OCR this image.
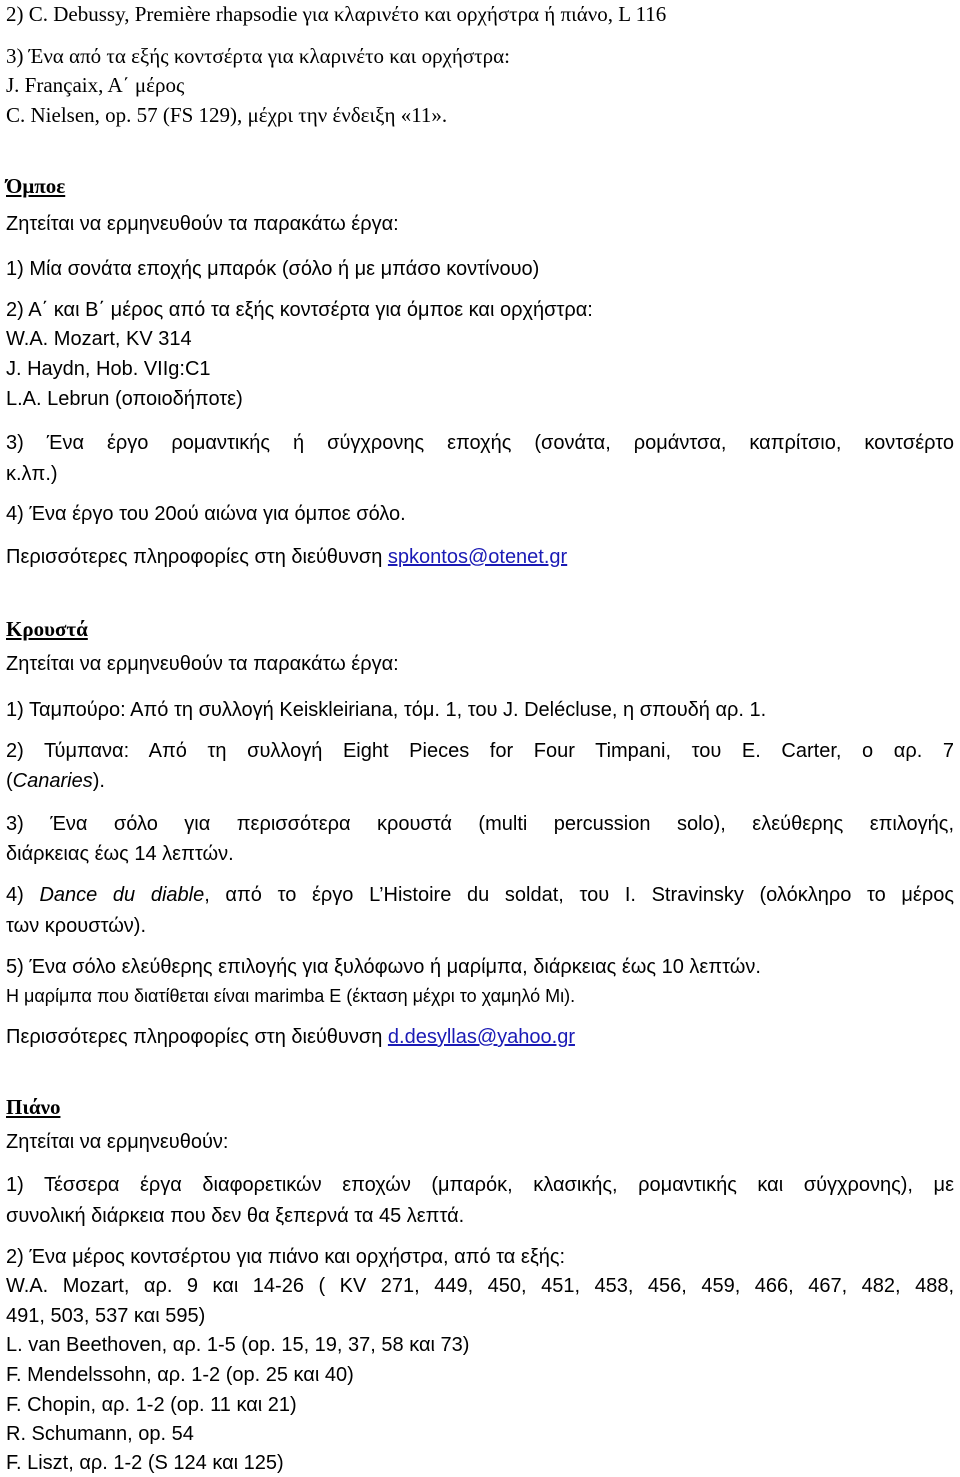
2) C. Debussy, Première rhapsodie για κλαρινέτο και ορχήστρα ή πιάνο, L 116
3) Ένα από τα εξής κοντσέρτα για κλαρινέτο και ορχήστρα:
J. Françaix, A΄ μέρος
C. Nielsen, op. 57 (FS 129), μέχρι την ένδειξη «11».
Όμποε
Ζητείται να ερμηνευθούν τα παρακάτω έργα:
1) Μία σονάτα εποχής μπαρόκ (σόλο ή με μπάσο κοντίνουο)
2) A΄ και B΄ μέρος από τα εξής κοντσέρτα για όμποε και ορχήστρα:
W.A. Mozart, KV 314
J. Haydn, Hob. VIIg:C1
L.A. Lebrun (οποιοδήποτε)
3) Ένα έργο ρομαντικής ή σύγχρονης εποχής (σονάτα, ρομάντσα, καπρίτσιο, κοντσέρτο
κ.λπ.)
4) Ένα έργο του 20ού αιώνα για όμποε σόλο.
Περισσότερες πληροφορίες στη διεύθυνση spkontos@otenet.gr
Κρουστά
Ζητείται να ερμηνευθούν τα παρακάτω έργα:
1) Ταμπούρο: Από τη συλλογή Keiskleiriana, τόμ. 1, του J. Delécluse, η σπουδή αρ. 1.
2) Τύμπανα: Από τη συλλογή Eight Pieces for Four Timpani, του E. Carter, ο αρ. 7
(Canaries).
3) Ένα σόλο για περισσότερα κρουστά (multi percussion solo), ελεύθερης επιλογής,
διάρκειας έως 14 λεπτών.
4) Dance du diable, από το έργο L’Histoire du soldat, του I. Stravinsky (ολόκληρο το μέρος
των κρουστών).
5) Ένα σόλο ελεύθερης επιλογής για ξυλόφωνο ή μαρίμπα, διάρκειας έως 10 λεπτών.
Η μαρίμπα που διατίθεται είναι marimba E (έκταση μέχρι το χαμηλό Μι).
Περισσότερες πληροφορίες στη διεύθυνση d.desyllas@yahoo.gr
Πιάνο
Ζητείται να ερμηνευθούν:
1) Τέσσερα έργα διαφορετικών εποχών (μπαρόκ, κλασικής, ρομαντικής και σύγχρονης), με
συνολική διάρκεια που δεν θα ξεπερνά τα 45 λεπτά.
2) Ένα μέρος κοντσέρτου για πιάνο και ορχήστρα, από τα εξής:
W.A. Mozart, αρ. 9 και 14-26 ( KV 271, 449, 450, 451, 453, 456, 459, 466, 467, 482, 488,
491, 503, 537 και 595)
L. van Beethoven, αρ. 1-5 (op. 15, 19, 37, 58 και 73)
F. Mendelssohn, αρ. 1-2 (op. 25 και 40)
F. Chopin, αρ. 1-2 (op. 11 και 21)
R. Schumann, op. 54
F. Liszt, αρ. 1-2 (S 124 και 125)
